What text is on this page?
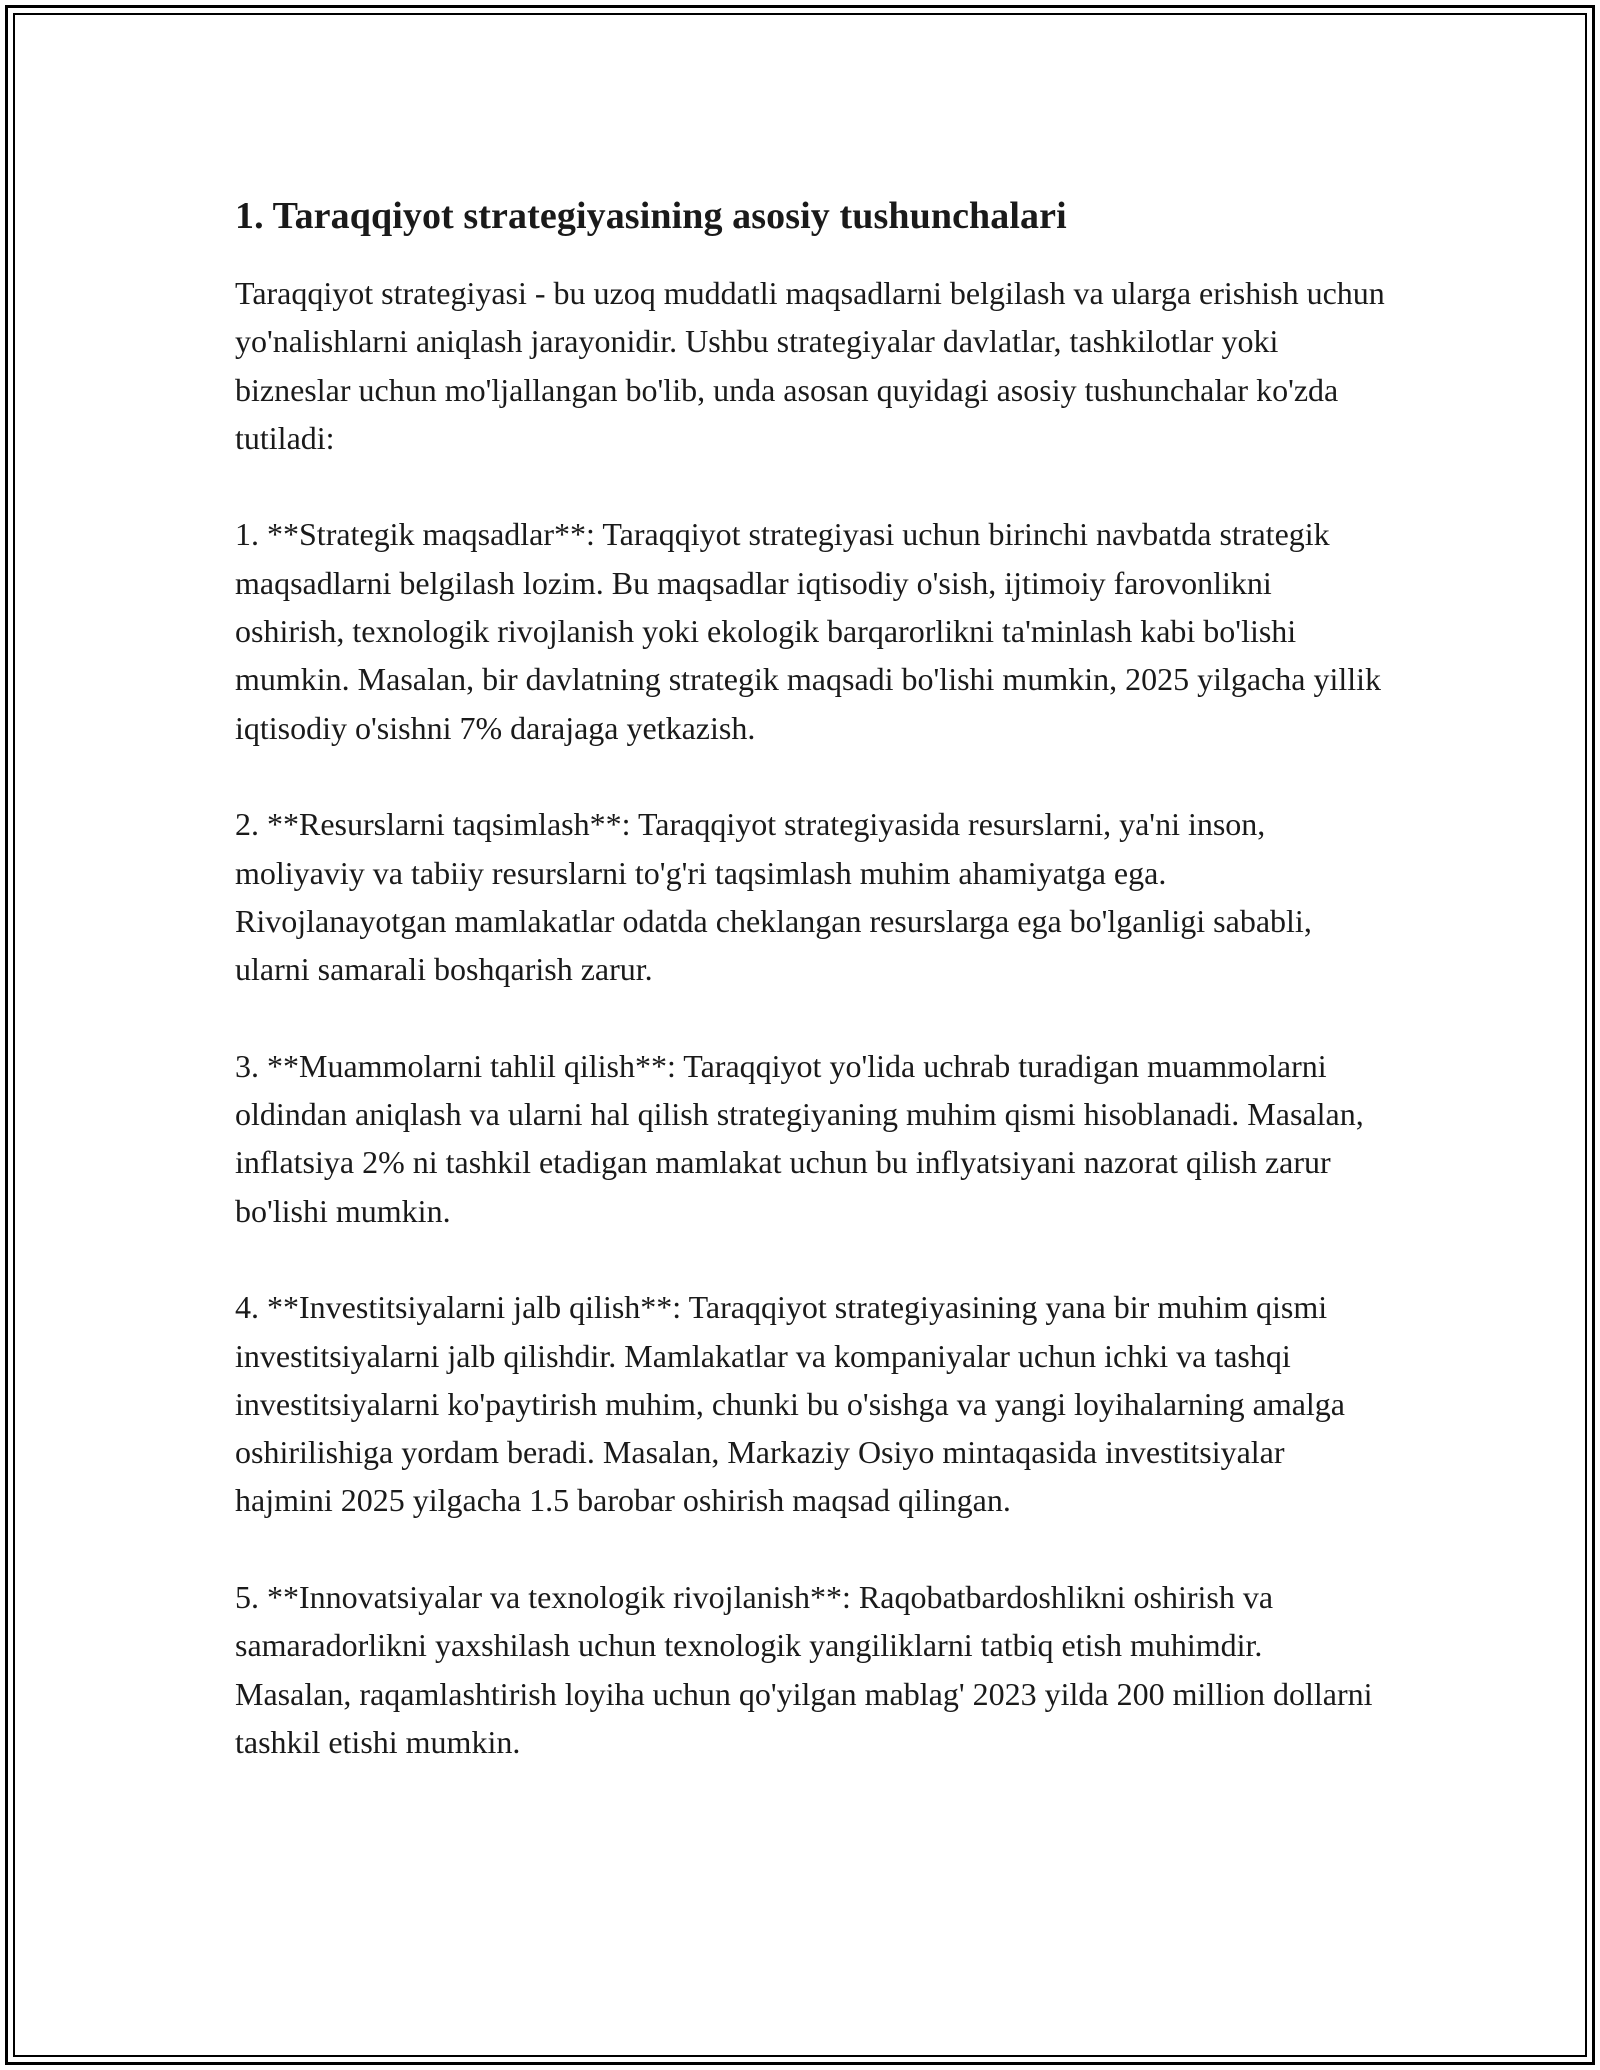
1. Taraqqiyot strategiyasining asosiy tushunchalari

Taraqqiyot strategiyasi - bu uzoq muddatli maqsadlarni belgilash va ularga erishish uchun yo'nalishlarni aniqlash jarayonidir. Ushbu strategiyalar davlatlar, tashkilotlar yoki bizneslar uchun mo'ljallangan bo'lib, unda asosan quyidagi asosiy tushunchalar ko'zda tutiladi:

1. **Strategik maqsadlar**: Taraqqiyot strategiyasi uchun birinchi navbatda strategik maqsadlarni belgilash lozim. Bu maqsadlar iqtisodiy o'sish, ijtimoiy farovonlikni oshirish, texnologik rivojlanish yoki ekologik barqarorlikni ta'minlash kabi bo'lishi mumkin. Masalan, bir davlatning strategik maqsadi bo'lishi mumkin, 2025 yilgacha yillik iqtisodiy o'sishni 7% darajaga yetkazish.

2. **Resurslarni taqsimlash**: Taraqqiyot strategiyasida resurslarni, ya'ni inson, moliyaviy va tabiiy resurslarni to'g'ri taqsimlash muhim ahamiyatga ega. Rivojlanayotgan mamlakatlar odatda cheklangan resurslarga ega bo'lganligi sababli, ularni samarali boshqarish zarur.

3. **Muammolarni tahlil qilish**: Taraqqiyot yo'lida uchrab turadigan muammolarni oldindan aniqlash va ularni hal qilish strategiyaning muhim qismi hisoblanadi. Masalan, inflatsiya 2% ni tashkil etadigan mamlakat uchun bu inflyatsiyani nazorat qilish zarur bo'lishi mumkin.

4. **Investitsiyalarni jalb qilish**: Taraqqiyot strategiyasining yana bir muhim qismi investitsiyalarni jalb qilishdir. Mamlakatlar va kompaniyalar uchun ichki va tashqi investitsiyalarni ko'paytirish muhim, chunki bu o'sishga va yangi loyihalarning amalga oshirilishiga yordam beradi. Masalan, Markaziy Osiyo mintaqasida investitsiyalar hajmini 2025 yilgacha 1.5 barobar oshirish maqsad qilingan.

5. **Innovatsiyalar va texnologik rivojlanish**: Raqobatbardoshlikni oshirish va samaradorlikni yaxshilash uchun texnologik yangiliklarni tatbiq etish muhimdir. Masalan, raqamlashtirish loyiha uchun qo'yilgan mablag' 2023 yilda 200 million dollarni tashkil etishi mumkin.
